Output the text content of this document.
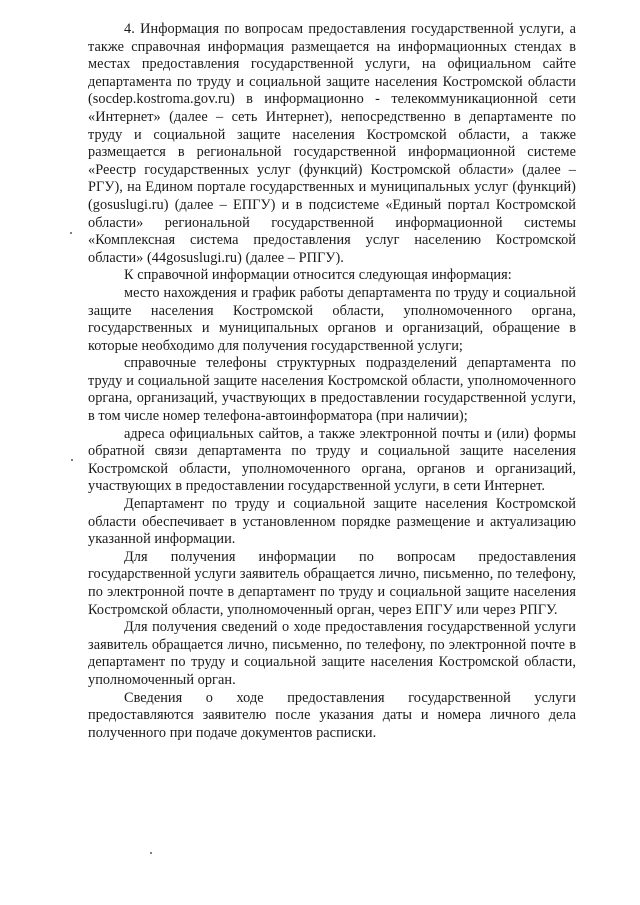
4. Информация по вопросам предоставления государственной услуги, а также справочная информация размещается на информационных стендах в местах предоставления государственной услуги, на официальном сайте департамента по труду и социальной защите населения Костромской области (socdep.kostroma.gov.ru) в информационно - телекоммуникационной сети «Интернет» (далее – сеть Интернет), непосредственно в департаменте по труду и социальной защите населения Костромской области, а также размещается в региональной государственной информационной системе «Реестр государственных услуг (функций) Костромской области» (далее – РГУ), на Едином портале государственных и муниципальных услуг (функций) (gosuslugi.ru) (далее – ЕПГУ) и в подсистеме «Единый портал Костромской области» региональной государственной информационной системы «Комплексная система предоставления услуг населению Костромской области» (44gosuslugi.ru) (далее – РПГУ).

К справочной информации относится следующая информация:

место нахождения и график работы департамента по труду и социальной защите населения Костромской области, уполномоченного органа, государственных и муниципальных органов и организаций, обращение в которые необходимо для получения государственной услуги;

справочные телефоны структурных подразделений департамента по труду и социальной защите населения Костромской области, уполномоченного органа, организаций, участвующих в предоставлении государственной услуги, в том числе номер телефона-автоинформатора (при наличии);

адреса официальных сайтов, а также электронной почты и (или) формы обратной связи департамента по труду и социальной защите населения Костромской области, уполномоченного органа, органов и организаций, участвующих в предоставлении государственной услуги, в сети Интернет.

Департамент по труду и социальной защите населения Костромской области обеспечивает в установленном порядке размещение и актуализацию указанной информации.

Для получения информации по вопросам предоставления государственной услуги заявитель обращается лично, письменно, по телефону, по электронной почте в департамент по труду и социальной защите населения Костромской области, уполномоченный орган, через ЕПГУ или через РПГУ.

Для получения сведений о ходе предоставления государственной услуги заявитель обращается лично, письменно, по телефону, по электронной почте в департамент по труду и социальной защите населения Костромской области, уполномоченный орган.

Сведения о ходе предоставления государственной услуги предоставляются заявителю после указания даты и номера личного дела полученного при подаче документов расписки.
